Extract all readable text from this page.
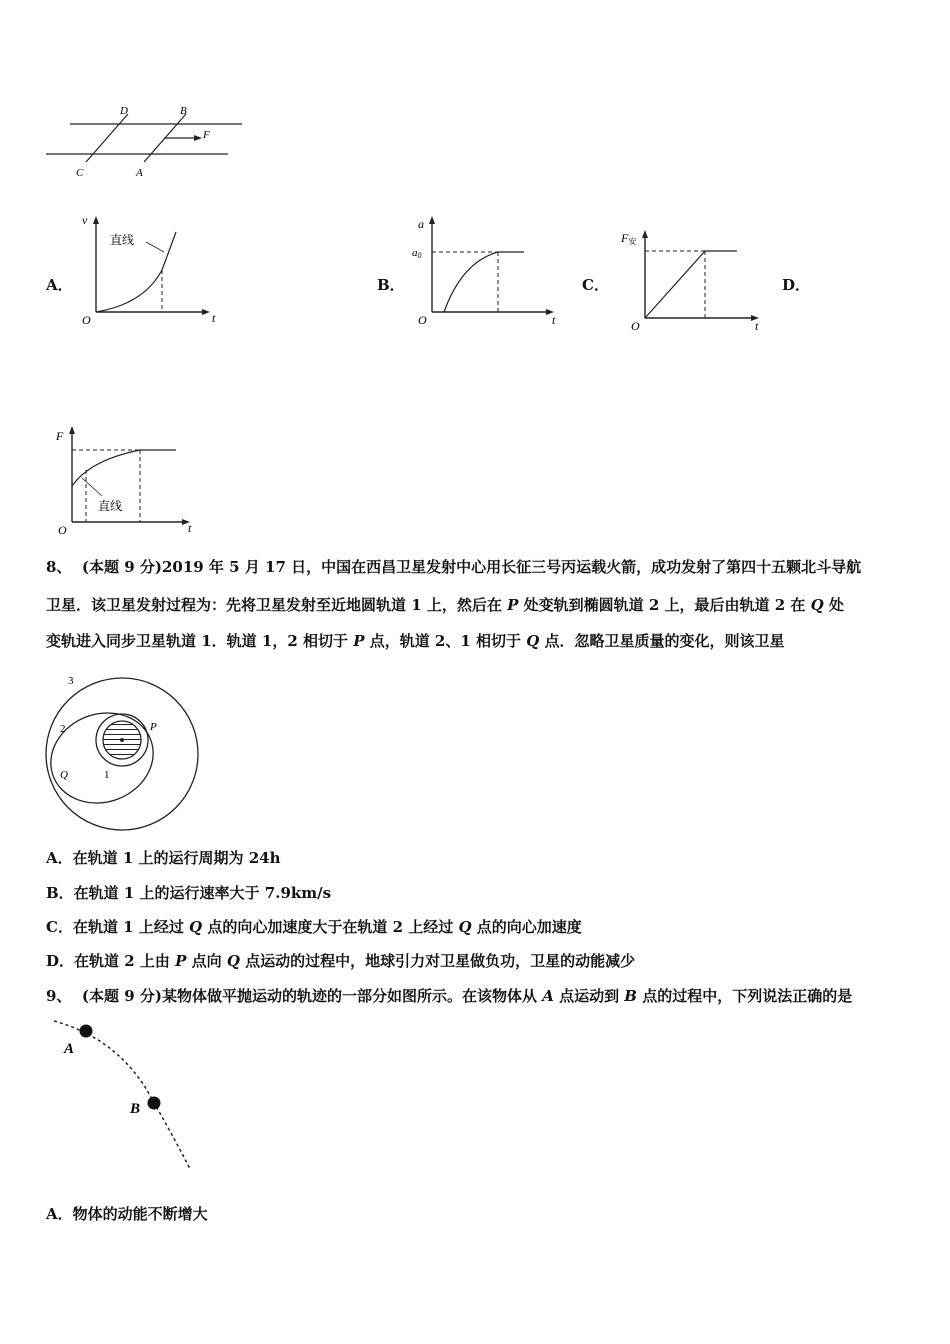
D	B
F
C	A
A．
v
O	t
直线
B．
a
a0
O	t
C．
F安
O	t
D．
F
O	t
直线
8、 (本题 9 分)2019 年 5 月 17 日，中国在西昌卫星发射中心用长征三号丙运载火箭，成功发射了第四十五颗北斗导航
卫星．该卫星发射过程为：先将卫星发射至近地圆轨道 1 上，然后在 P 处变轨到椭圆轨道 2 上，最后由轨道 2 在 Q 处
变轨进入同步卫星轨道 1．轨道 1，2 相切于 P 点，轨道 2、1 相切于 Q 点．忽略卫星质量的变化，则该卫星
3
2
1
P
Q
A．在轨道 1 上的运行周期为 24h
B．在轨道 1 上的运行速率大于 7.9km/s
C．在轨道 1 上经过 Q 点的向心加速度大于在轨道 2 上经过 Q 点的向心加速度
D．在轨道 2 上由 P 点向 Q 点运动的过程中，地球引力对卫星做负功，卫星的动能减少
9、 (本题 9 分)某物体做平抛运动的轨迹的一部分如图所示。在该物体从 A 点运动到 B 点的过程中，下列说法正确的是
A
B
A．物体的动能不断增大
